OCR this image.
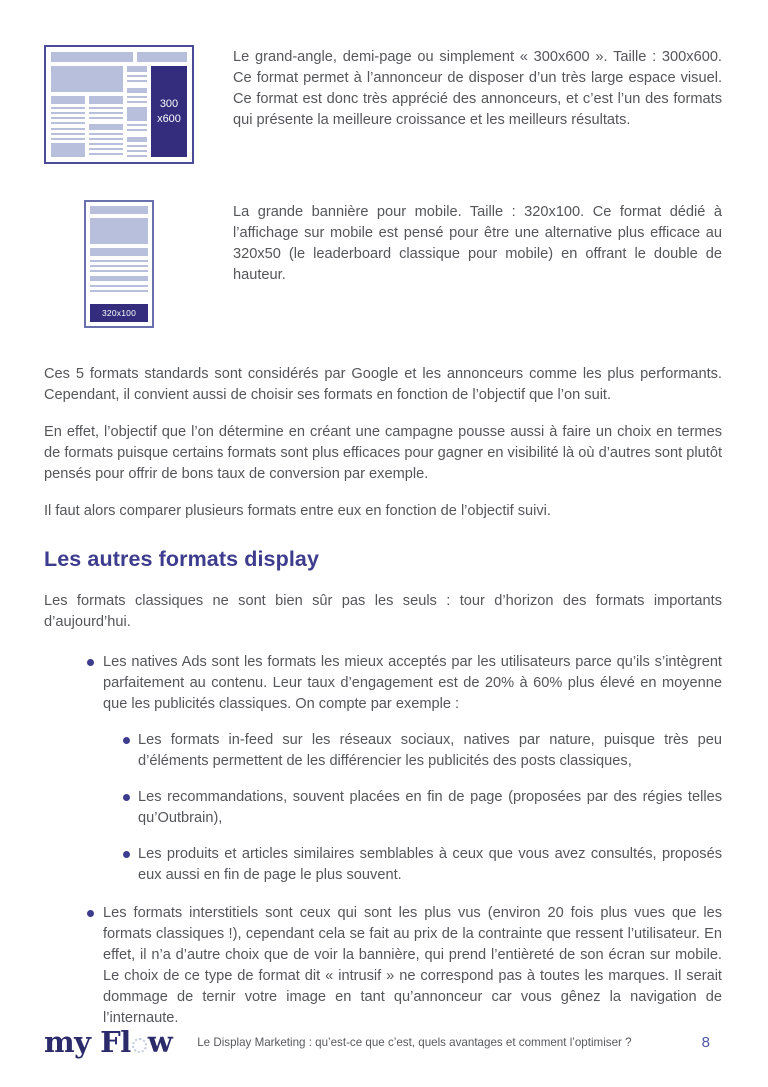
300
x600

Le grand-angle, demi-page ou simplement « 300x600 ». Taille : 300x600. Ce format permet à l’annonceur de disposer d’un très large espace visuel. Ce format est donc très apprécié des annonceurs, et c’est l’un des formats qui présente la meilleure croissance et les meilleurs résultats.

320x100

La grande bannière pour mobile. Taille : 320x100. Ce format dédié à l’affichage sur mobile est pensé pour être une alternative plus efficace au 320x50 (le leaderboard classique pour mobile) en offrant le double de hauteur.

Ces 5 formats standards sont considérés par Google et les annonceurs comme les plus performants. Cependant, il convient aussi de choisir ses formats en fonction de l’objectif que l’on suit.

En effet, l’objectif que l’on détermine en créant une campagne pousse aussi à faire un choix en termes de formats puisque certains formats sont plus efficaces pour gagner en visibilité là où d’autres sont plutôt pensés pour offrir de bons taux de conversion par exemple.

Il faut alors comparer plusieurs formats entre eux en fonction de l’objectif suivi.

Les autres formats display

Les formats classiques ne sont bien sûr pas les seuls : tour d’horizon des formats importants d’aujourd’hui.

Les natives Ads sont les formats les mieux acceptés par les utilisateurs parce qu’ils s’intègrent parfaitement au contenu. Leur taux d’engagement est de 20% à 60% plus élevé en moyenne que les publicités classiques. On compte par exemple :
Les formats in-feed sur les réseaux sociaux, natives par nature, puisque très peu d’éléments permettent de les différencier les publicités des posts classiques,
Les recommandations, souvent placées en fin de page (proposées par des régies telles qu’Outbrain),
Les produits et articles similaires semblables à ceux que vous avez consultés, proposés eux aussi en fin de page le plus souvent.
Les formats interstitiels sont ceux qui sont les plus vus (environ 20 fois plus vues que les formats classiques !), cependant cela se fait au prix de la contrainte que ressent l’utilisateur. En effet, il n’a d’autre choix que de voir la bannière, qui prend l’entièreté de son écran sur mobile. Le choix de ce type de format dit « intrusif » ne correspond pas à toutes les marques. Il serait dommage de ternir votre image en tant qu’annonceur car vous gênez la navigation de l’internaute.
my Fl w Le Display Marketing : qu’est-ce que c’est, quels avantages et comment l’optimiser ?	8
